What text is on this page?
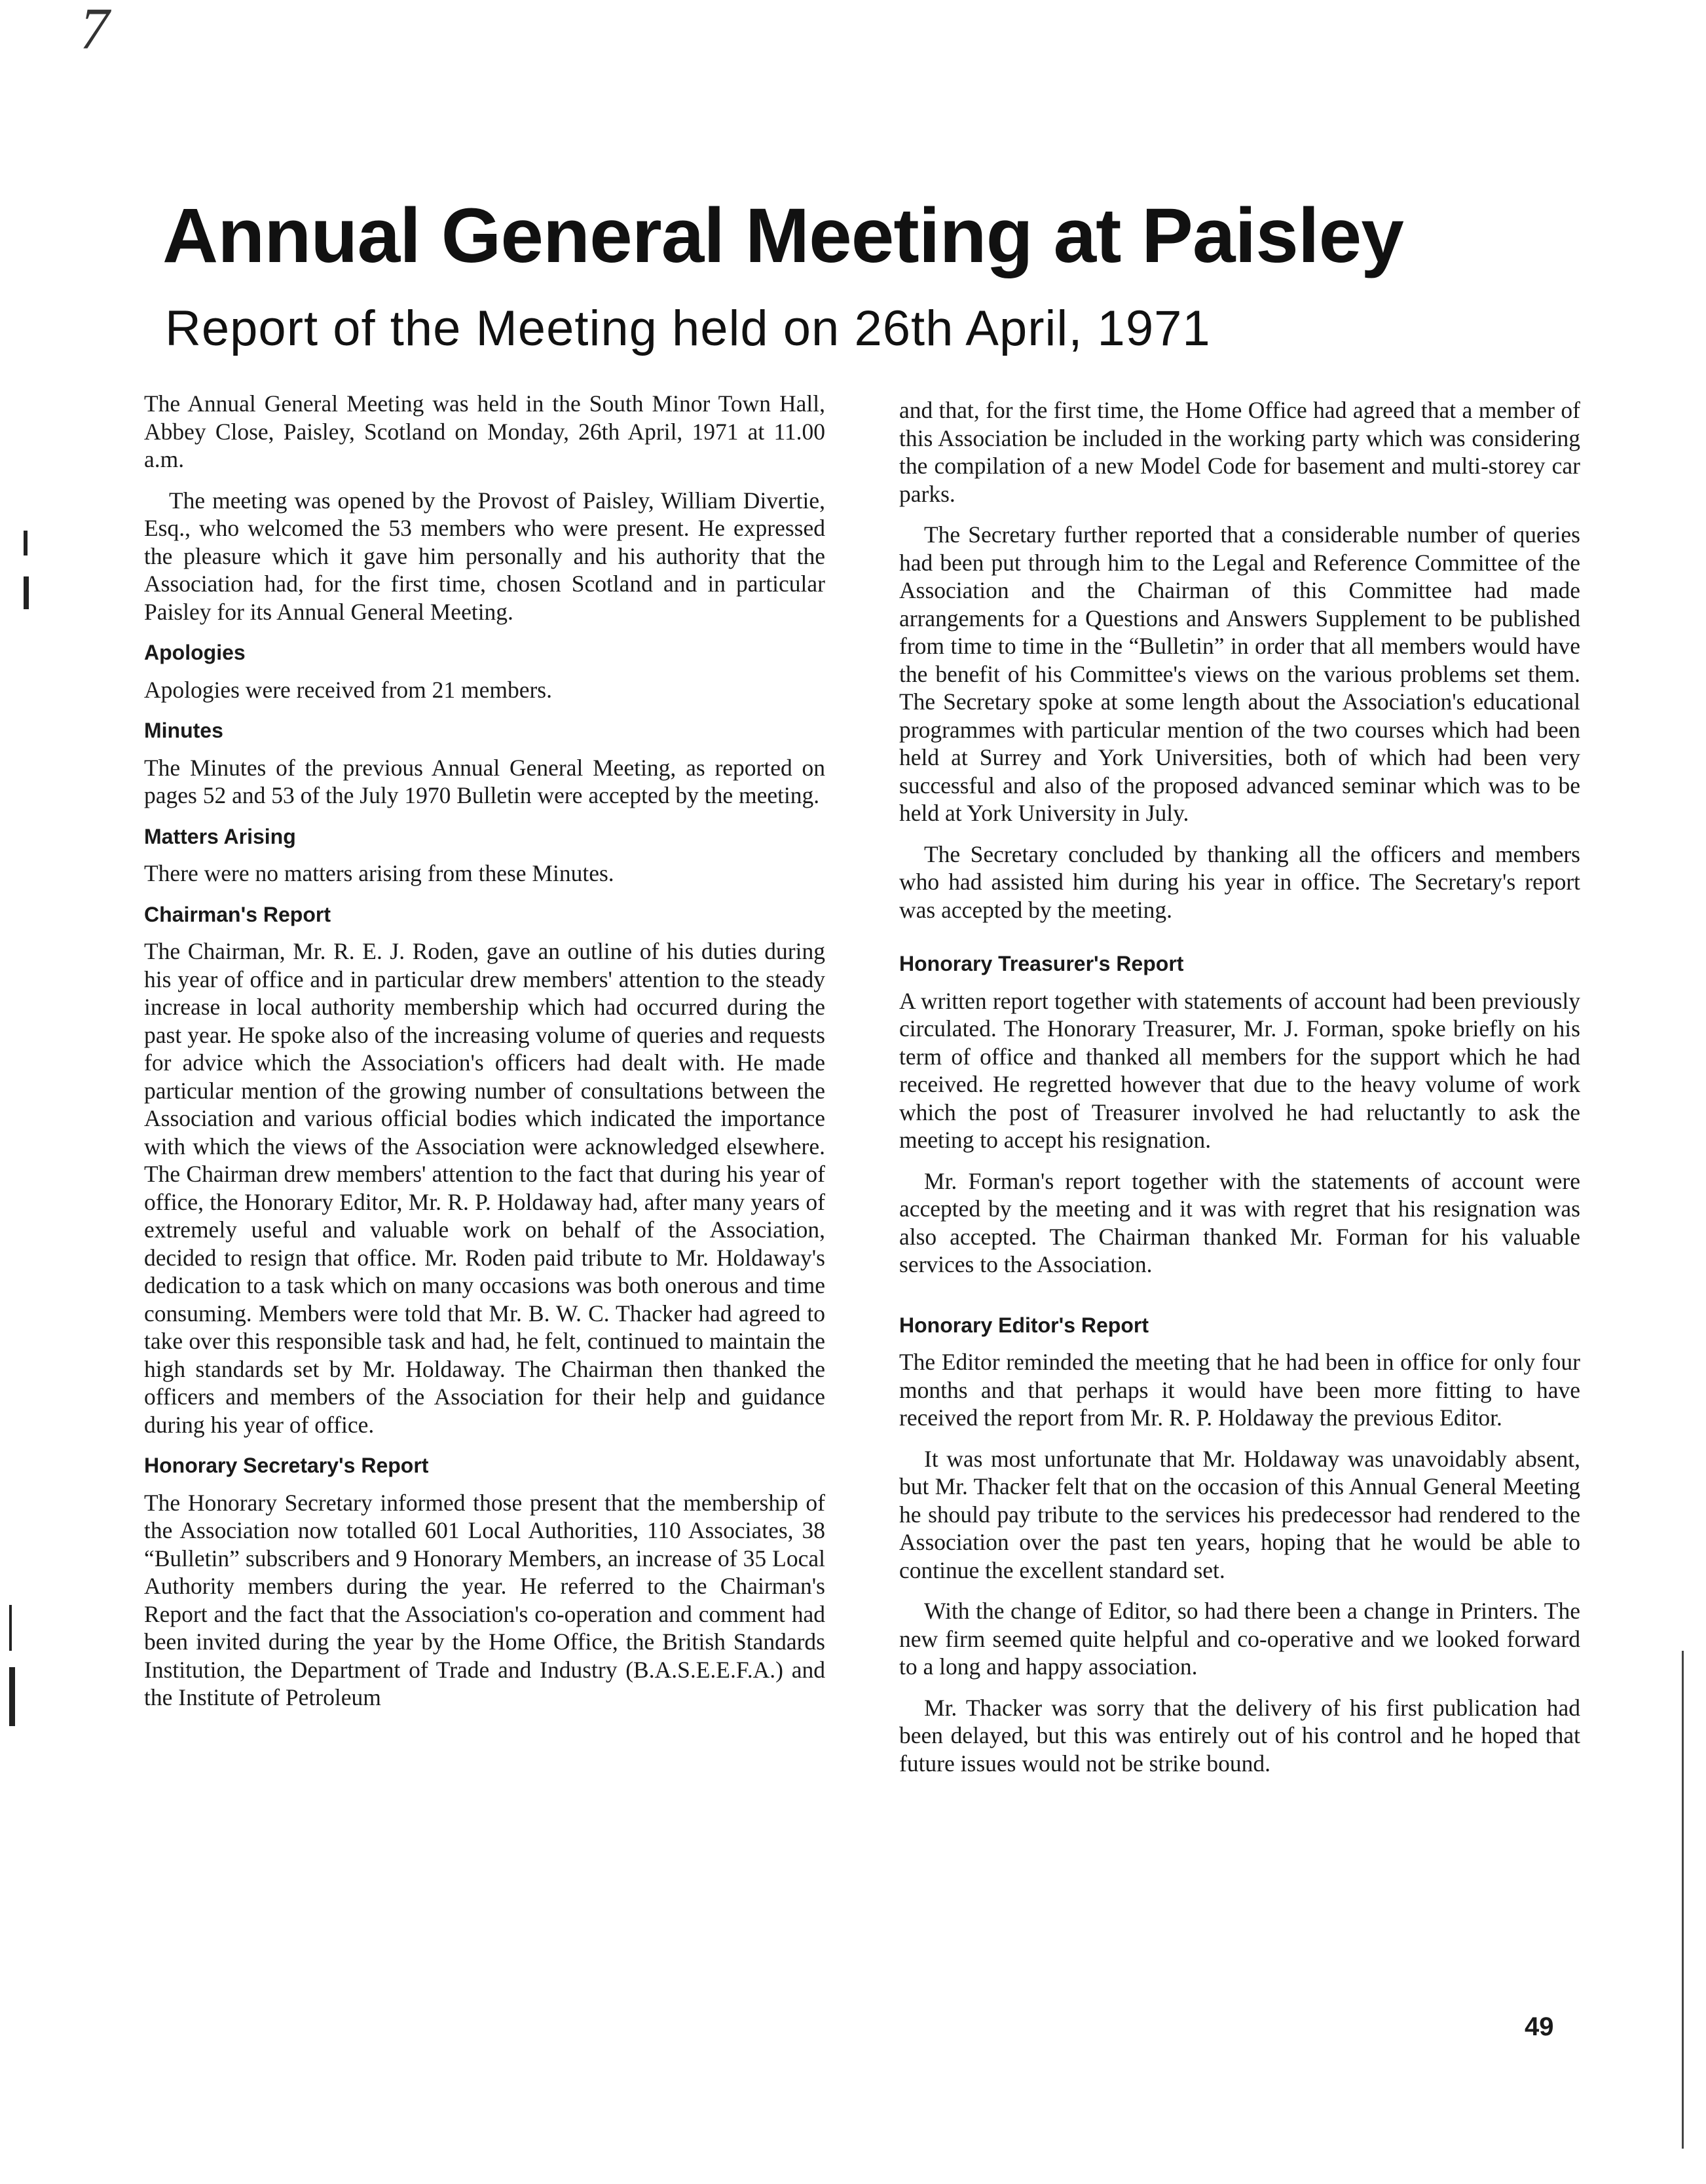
7
Annual General Meeting at Paisley
Report of the Meeting held on 26th April, 1971

The Annual General Meeting was held in the South Minor Town Hall, Abbey Close, Paisley, Scotland on Monday, 26th April, 1971 at 11.00 a.m.

The meeting was opened by the Provost of Paisley, William Divertie, Esq., who welcomed the 53 members who were present. He expressed the pleasure which it gave him personally and his authority that the Association had, for the first time, chosen Scotland and in particular Paisley for its Annual General Meeting.

Apologies

Apologies were received from 21 members.

Minutes

The Minutes of the previous Annual General Meeting, as reported on pages 52 and 53 of the July 1970 Bulletin were accepted by the meeting.

Matters Arising

There were no matters arising from these Minutes.

Chairman's Report

The Chairman, Mr. R. E. J. Roden, gave an outline of his duties during his year of office and in particular drew members' attention to the steady increase in local authority membership which had occurred during the past year. He spoke also of the increasing volume of queries and requests for advice which the Association's officers had dealt with. He made particular mention of the growing number of consultations between the Association and various official bodies which indicated the importance with which the views of the Association were acknowledged elsewhere. The Chairman drew members' attention to the fact that during his year of office, the Honorary Editor, Mr. R. P. Holdaway had, after many years of extremely useful and valuable work on behalf of the Association, decided to resign that office. Mr. Roden paid tribute to Mr. Holdaway's dedication to a task which on many occasions was both onerous and time consuming. Members were told that Mr. B. W. C. Thacker had agreed to take over this responsible task and had, he felt, continued to maintain the high standards set by Mr. Holdaway. The Chairman then thanked the officers and members of the Association for their help and guidance during his year of office.

Honorary Secretary's Report

The Honorary Secretary informed those present that the membership of the Association now totalled 601 Local Authorities, 110 Associates, 38 “Bulletin” subscribers and 9 Honorary Members, an increase of 35 Local Authority members during the year. He referred to the Chairman's Report and the fact that the Association's co-operation and comment had been invited during the year by the Home Office, the British Standards Institution, the Department of Trade and Industry (B.A.S.E.E.F.A.) and the Institute of Petroleum

and that, for the first time, the Home Office had agreed that a member of this Association be included in the working party which was considering the compilation of a new Model Code for basement and multi-storey car parks.

The Secretary further reported that a considerable number of queries had been put through him to the Legal and Reference Committee of the Association and the Chairman of this Committee had made arrangements for a Questions and Answers Supplement to be published from time to time in the “Bulletin” in order that all members would have the benefit of his Committee's views on the various problems set them. The Secretary spoke at some length about the Association's educational programmes with particular mention of the two courses which had been held at Surrey and York Universities, both of which had been very successful and also of the proposed advanced seminar which was to be held at York University in July.

The Secretary concluded by thanking all the officers and members who had assisted him during his year in office. The Secretary's report was accepted by the meeting.

Honorary Treasurer's Report

A written report together with statements of account had been previously circulated. The Honorary Treasurer, Mr. J. Forman, spoke briefly on his term of office and thanked all members for the support which he had received. He regretted however that due to the heavy volume of work which the post of Treasurer involved he had reluctantly to ask the meeting to accept his resignation.

Mr. Forman's report together with the statements of account were accepted by the meeting and it was with regret that his resignation was also accepted. The Chairman thanked Mr. Forman for his valuable services to the Association.

Honorary Editor's Report

The Editor reminded the meeting that he had been in office for only four months and that perhaps it would have been more fitting to have received the report from Mr. R. P. Holdaway the previous Editor.

It was most unfortunate that Mr. Holdaway was unavoidably absent, but Mr. Thacker felt that on the occasion of this Annual General Meeting he should pay tribute to the services his predecessor had rendered to the Association over the past ten years, hoping that he would be able to continue the excellent standard set.

With the change of Editor, so had there been a change in Printers. The new firm seemed quite helpful and co-operative and we looked forward to a long and happy association.

Mr. Thacker was sorry that the delivery of his first publication had been delayed, but this was entirely out of his control and he hoped that future issues would not be strike bound.

49
